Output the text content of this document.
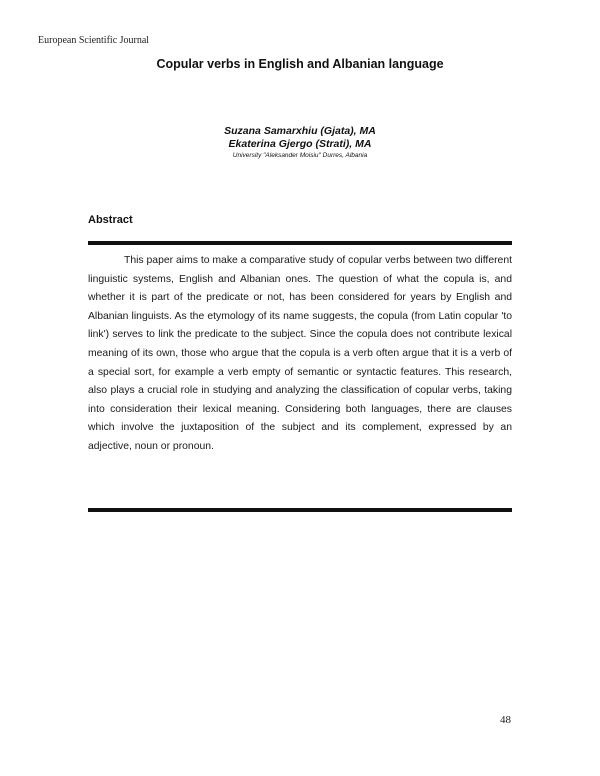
European Scientific Journal
Copular verbs in English and Albanian language
Suzana Samarxhiu (Gjata), MA
Ekaterina Gjergo (Strati), MA
University "Aleksander Moisiu" Durres, Albania
Abstract

This paper aims to make a comparative study of copular verbs between two different linguistic systems, English and Albanian ones. The question of what the copula is, and whether it is part of the predicate or not, has been considered for years by English and Albanian linguists. As the etymology of its name suggests, the copula (from Latin copular 'to link') serves to link the predicate to the subject. Since the copula does not contribute lexical meaning of its own, those who argue that the copula is a verb often argue that it is a verb of a special sort, for example a verb empty of semantic or syntactic features. This research, also plays a crucial role in studying and analyzing the classification of copular verbs, taking into consideration their lexical meaning. Considering both languages, there are clauses which involve the juxtaposition of the subject and its complement, expressed by an adjective, noun or pronoun.

48
